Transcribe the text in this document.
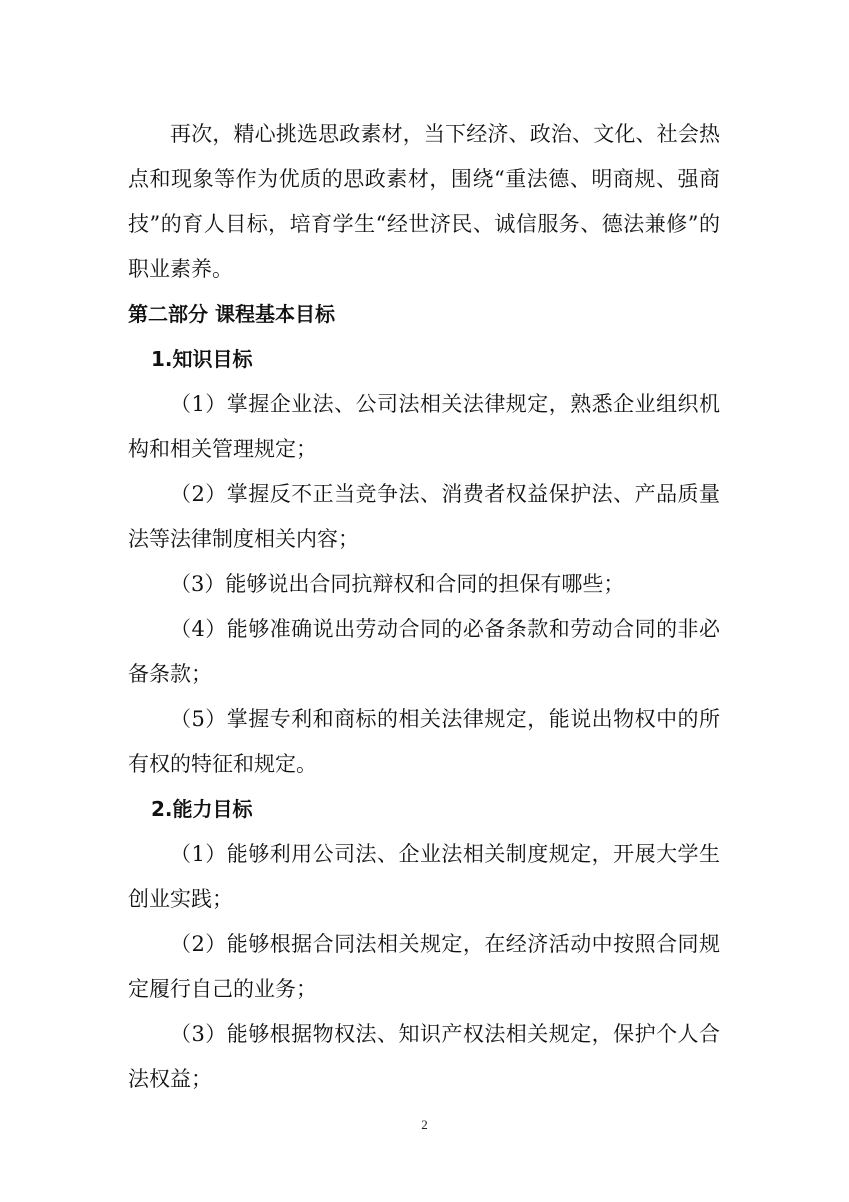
再次，精心挑选思政素材，当下经济、政治、文化、社会热点和现象等作为优质的思政素材，围绕“重法德、明商规、强商技”的育人目标，培育学生“经世济民、诚信服务、德法兼修”的职业素养。

第二部分 课程基本目标
1.知识目标

（1）掌握企业法、公司法相关法律规定，熟悉企业组织机构和相关管理规定；

（2）掌握反不正当竞争法、消费者权益保护法、产品质量法等法律制度相关内容；

（3）能够说出合同抗辩权和合同的担保有哪些；

（4）能够准确说出劳动合同的必备条款和劳动合同的非必备条款；

（5）掌握专利和商标的相关法律规定，能说出物权中的所有权的特征和规定。

2.能力目标

（1）能够利用公司法、企业法相关制度规定，开展大学生创业实践；

（2）能够根据合同法相关规定，在经济活动中按照合同规定履行自己的业务；

（3）能够根据物权法、知识产权法相关规定，保护个人合法权益；

2
